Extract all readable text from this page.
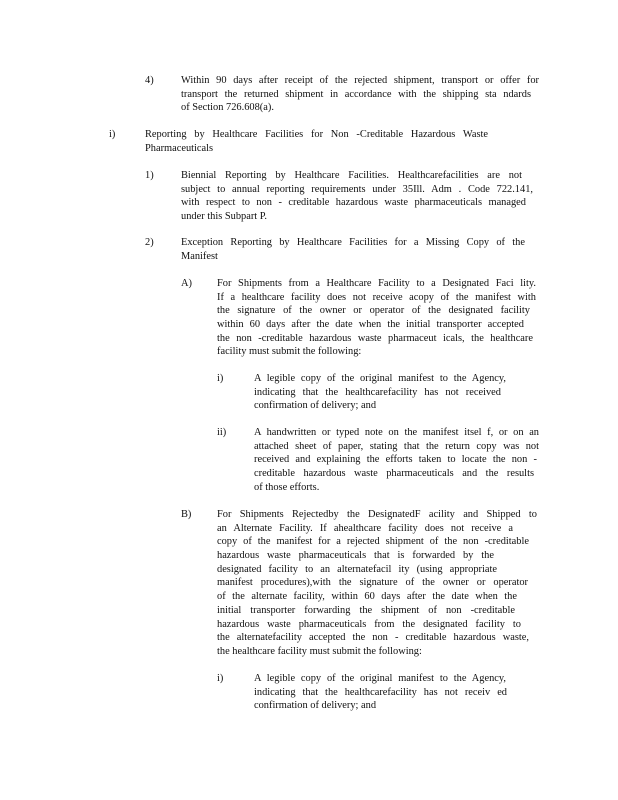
4)	Within 90 days after receipt of the rejected shipment, transport or offer for
transport the returned shipment in accordance with the shipping sta ndards
of Section 726.608(a).
i)	Reporting by Healthcare Facilities for Non -Creditable Hazardous Waste
Pharmaceuticals
1)	Biennial Reporting by Healthcare Facilities. Healthcarefacilities are not
subject to annual reporting requirements under 35Ill. Adm . Code 722.141,
with respect to non - creditable hazardous waste pharmaceuticals managed
under this Subpart P.
2)	Exception Reporting by Healthcare Facilities for a Missing Copy of the
Manifest
A) For Shipments from a Healthcare Facility to a Designated Faci lity.
If a healthcare facility does not receive acopy of the manifest with
the signature of the owner or operator of the designated facility
within 60 days after the date when the initial transporter accepted
the non -creditable hazardous waste pharmaceut icals, the healthcare
facility must submit the following:
i)	A legible copy of the original manifest to the Agency,
indicating that the healthcarefacility has not received
confirmation of delivery; and
ii)	A handwritten or typed note on the manifest itsel f, or on an
attached sheet of paper, stating that the return copy was not
received and explaining the efforts taken to locate the non -
creditable hazardous waste pharmaceuticals and the results
of those efforts.
B) For Shipments Rejectedby the DesignatedF acility and Shipped to
an Alternate Facility. If ahealthcare facility does not receive a
copy of the manifest for a rejected shipment of the non -creditable
hazardous waste pharmaceuticals that is forwarded by the
designated facility to an alternatefacil ity (using appropriate
manifest procedures),with the signature of the owner or operator
of the alternate facility, within 60 days after the date when the
initial transporter forwarding the shipment of non -creditable
hazardous waste pharmaceuticals from the designated facility to
the alternatefacility accepted the non - creditable hazardous waste,
the healthcare facility must submit the following:
i)	A legible copy of the original manifest to the Agency,
indicating that the healthcarefacility has not receiv ed
confirmation of delivery; and
